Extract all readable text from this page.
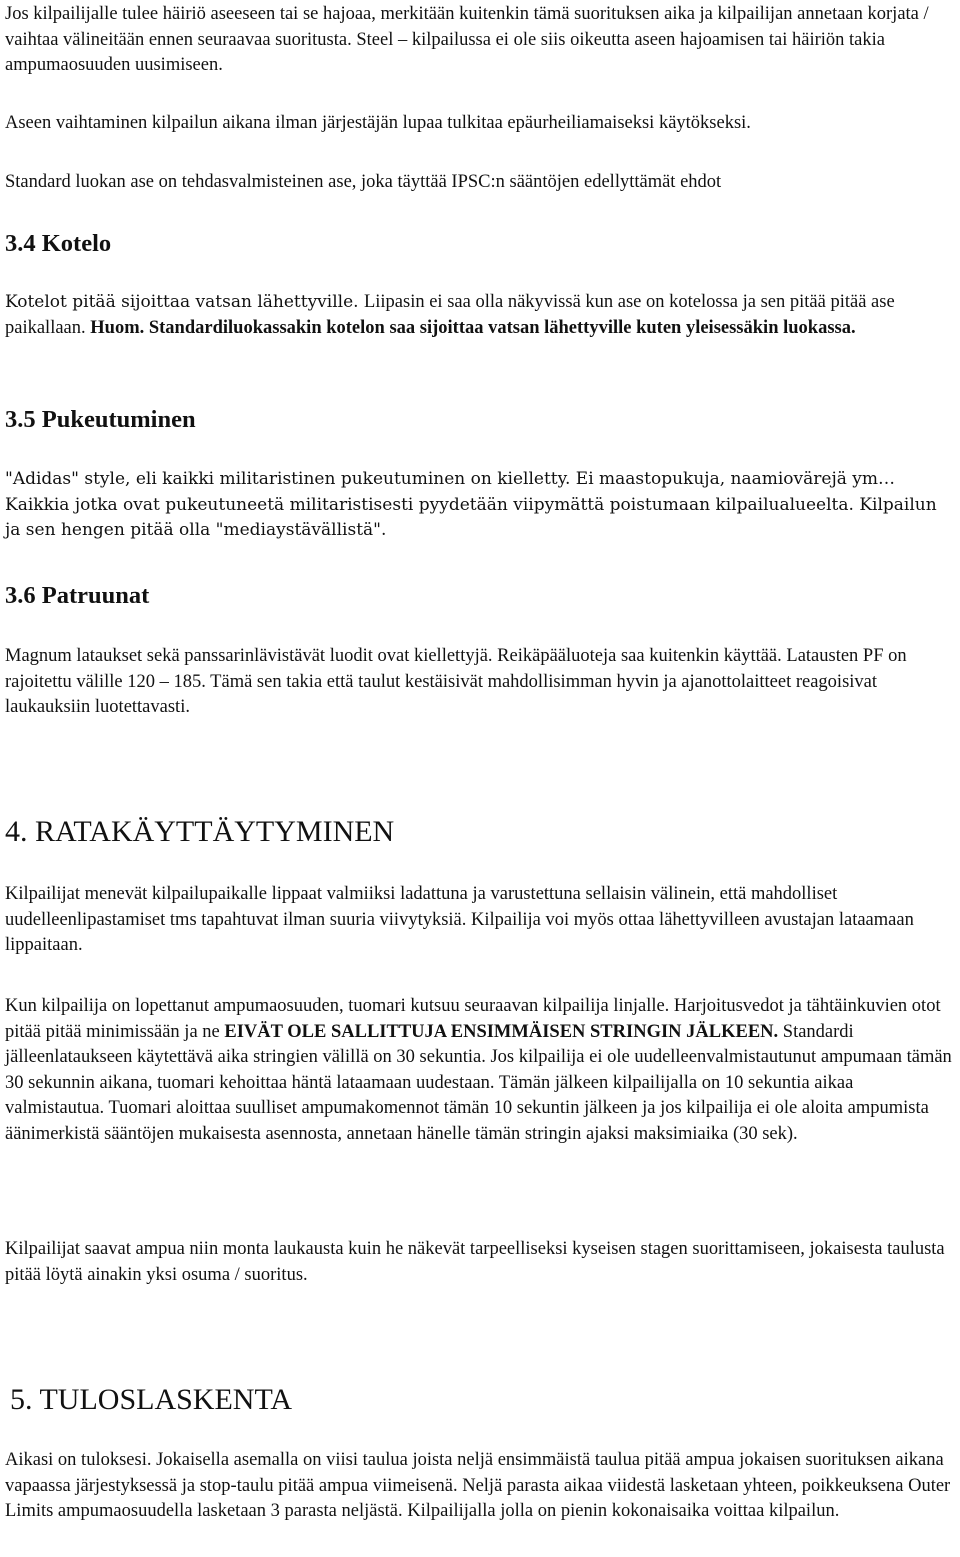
Jos kilpailijalle tulee häiriö aseeseen tai se hajoaa, merkitään kuitenkin tämä suorituksen aika ja kilpailijan annetaan korjata / vaihtaa välineitään ennen seuraavaa suoritusta. Steel – kilpailussa ei ole siis oikeutta aseen hajoamisen tai häiriön takia ampumaosuuden uusimiseen.

Aseen vaihtaminen kilpailun aikana ilman järjestäjän lupaa tulkitaa epäurheiliamaiseksi käytökseksi.

Standard luokan ase on tehdasvalmisteinen ase, joka täyttää IPSC:n sääntöjen edellyttämät ehdot

3.4 Kotelo

Kotelot pitää sijoittaa vatsan lähettyville. Liipasin ei saa olla näkyvissä kun ase on kotelossa ja sen pitää pitää ase paikallaan. Huom. Standardiluokassakin kotelon saa sijoittaa vatsan lähettyville kuten yleisessäkin luokassa.

3.5 Pukeutuminen

"Adidas" style, eli kaikki militaristinen pukeutuminen on kielletty. Ei maastopukuja, naamiovärejä ym… Kaikkia jotka ovat pukeutuneetä militaristisesti pyydetään viipymättä poistumaan kilpailualueelta. Kilpailun ja sen hengen pitää olla "mediaystävällistä".

3.6 Patruunat

Magnum lataukset sekä panssarinlävistävät luodit ovat kiellettyjä. Reikäpääluoteja saa kuitenkin käyttää. Latausten PF on rajoitettu välille 120 – 185. Tämä sen takia että taulut kestäisivät mahdollisimman hyvin ja ajanottolaitteet reagoisivat laukauksiin luotettavasti.

4. RATAKÄYTTÄYTYMINEN

Kilpailijat menevät kilpailupaikalle lippaat valmiiksi ladattuna ja varustettuna sellaisin välinein, että mahdolliset uudelleenlipastamiset tms tapahtuvat ilman suuria viivytyksiä. Kilpailija voi myös ottaa lähettyvilleen avustajan lataamaan lippaitaan.

Kun kilpailija on lopettanut ampumaosuuden, tuomari kutsuu seuraavan kilpailija linjalle. Harjoitusvedot ja tähtäinkuvien otot pitää pitää minimissään ja ne EIVÄT OLE SALLITTUJA ENSIMMÄISEN STRINGIN JÄLKEEN. Standardi jälleenlataukseen käytettävä aika stringien välillä on 30 sekuntia. Jos kilpailija ei ole uudelleenvalmistautunut ampumaan tämän 30 sekunnin aikana, tuomari kehoittaa häntä lataamaan uudestaan. Tämän jälkeen kilpailijalla on 10 sekuntia aikaa valmistautua. Tuomari aloittaa suulliset ampumakomennot tämän 10 sekuntin jälkeen ja jos kilpailija ei ole aloita ampumista äänimerkistä sääntöjen mukaisesta asennosta, annetaan hänelle tämän stringin ajaksi maksimiaika (30 sek).

Kilpailijat saavat ampua niin monta laukausta kuin he näkevät tarpeelliseksi kyseisen stagen suorittamiseen, jokaisesta taulusta pitää löytä ainakin yksi osuma / suoritus.

5. TULOSLASKENTA

Aikasi on tuloksesi. Jokaisella asemalla on viisi taulua joista neljä ensimmäistä taulua pitää ampua jokaisen suorituksen aikana vapaassa järjestyksessä ja stop-taulu pitää ampua viimeisenä. Neljä parasta aikaa viidestä lasketaan yhteen, poikkeuksena Outer Limits ampumaosuudella lasketaan 3 parasta neljästä. Kilpailijalla jolla on pienin kokonaisaika voittaa kilpailun.
